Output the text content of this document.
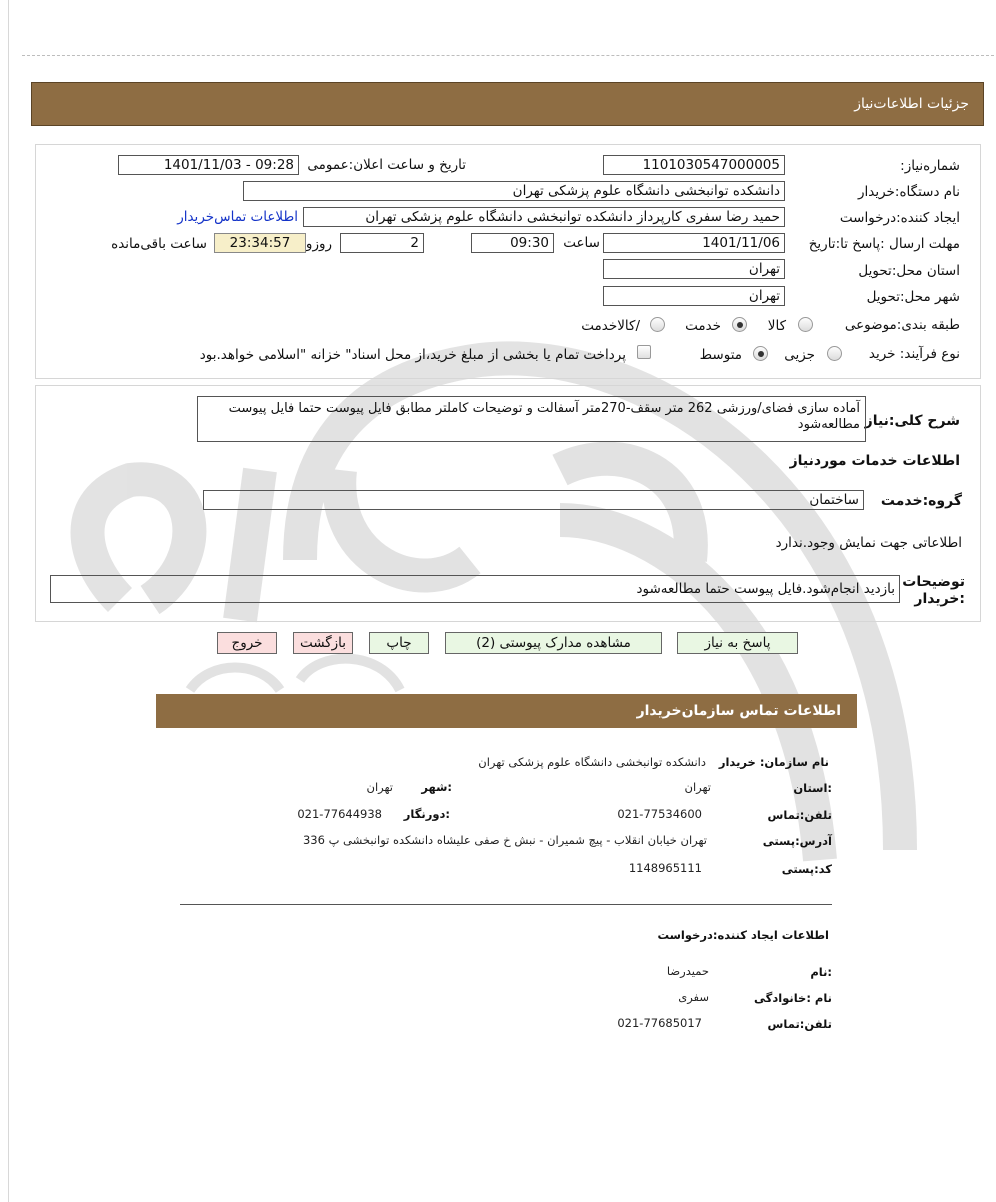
جزئیات اطلاعات‌نیاز
شماره‌نیاز:
1101030547000005
تاریخ و ساعت اعلان:عمومی
1401/11/03 - 09:28
نام دستگاه:خریدار
دانشکده توانبخشی دانشگاه علوم پزشکی تهران
ایجاد کننده:درخواست
حمید رضا سفری کارپرداز دانشکده توانبخشی دانشگاه علوم پزشکی تهران
اطلاعات تماس‌خریدار
مهلت ارسال :پاسخ تا:تاریخ
1401/11/06
ساعت
09:30
2
روزو
23:34:57
ساعت باقی‌مانده
استان محل:تحویل
تهران
شهر محل:تحویل
تهران
طبقه بندی:موضوعی
کالا
خدمت
/کالاخدمت
نوع فرآیند: خرید
جزیی
متوسط
پرداخت تمام یا بخشی از مبلغ خرید،از محل اسناد" خزانه "اسلامی خواهد.بود
شرح کلی:نیاز
آماده سازی فضای/ورزشی 262 متر سقف-270متر آسفالت و توضیحات کاملتر مطابق فایل پیوست حتما فایل پیوست مطالعه‌شود
اطلاعات خدمات موردنیاز
گروه:خدمت
ساختمان
اطلاعاتی جهت نمایش وجود.ندارد
توضیحات :خریدار
بازدید انجام‌شود.فایل پیوست حتما مطالعه‌شود
پاسخ به نیاز
مشاهده مدارک پیوستی (2)
چاپ
بازگشت
خروج
اطلاعات تماس سازمان‌خریدار
نام سازمان: خریدار
دانشکده توانبخشی دانشگاه علوم پزشکی تهران
:استان
تهران
:شهر
تهران
تلفن:تماس
021-77534600
:دورنگار
021-77644938
آدرس:پستی
تهران خیابان انقلاب - پیچ شمیران - نبش خ صفی علیشاه دانشکده توانبخشی پ 336
کد:پستی
1148965111
اطلاعات ایجاد کننده:درخواست
:نام
حمیدرضا
نام :خانوادگی
سفری
تلفن:تماس
021-77685017
